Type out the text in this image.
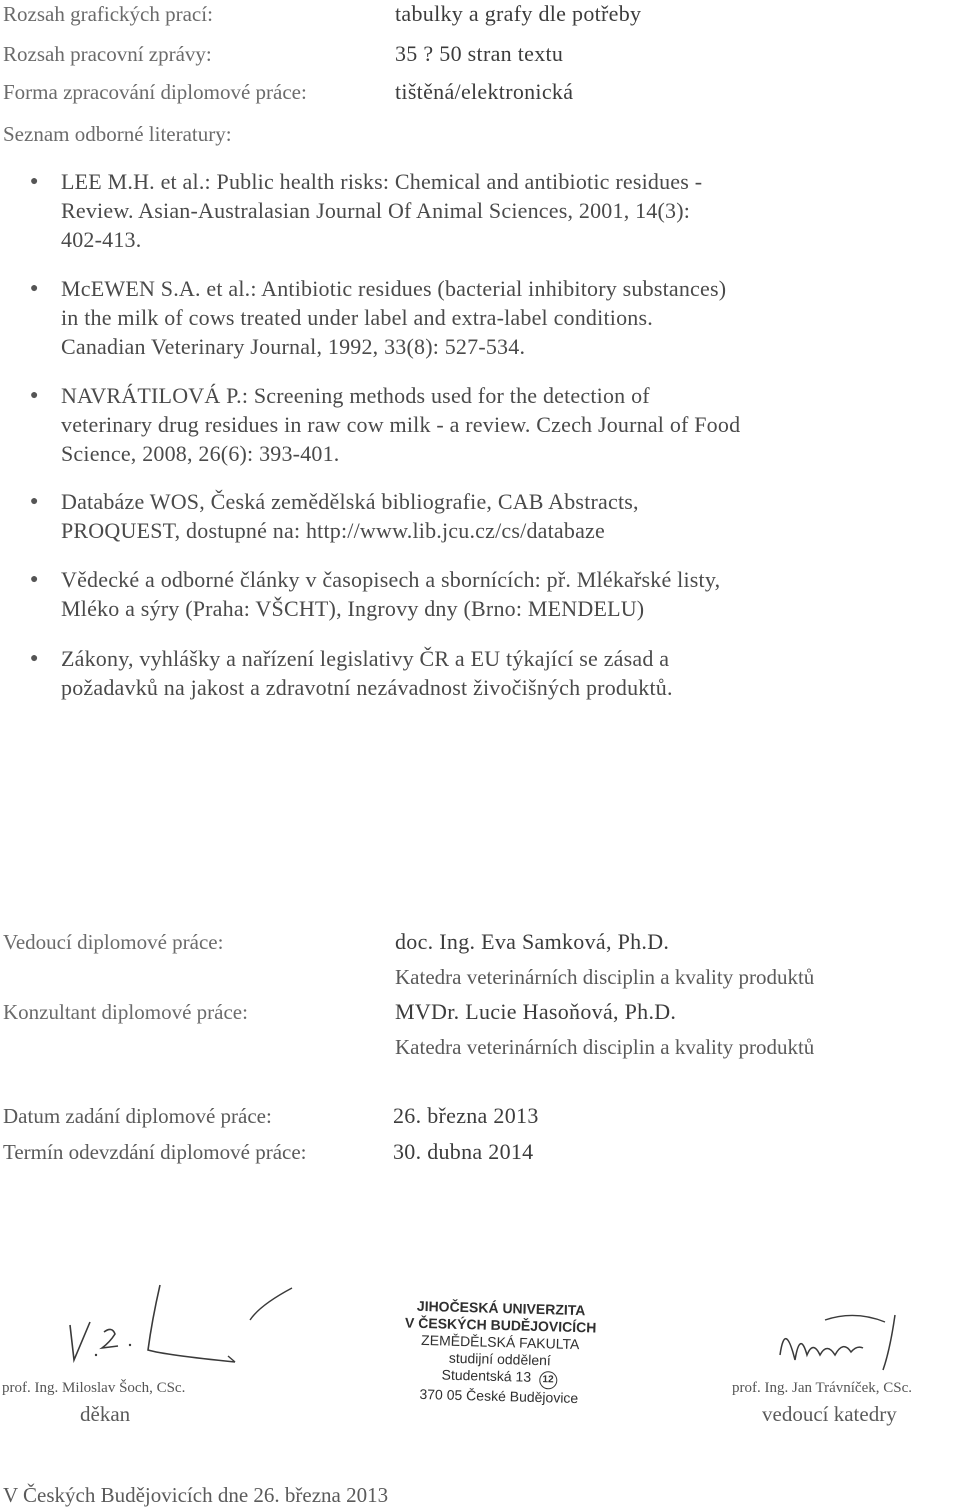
Rozsah grafických prací:	tabulky a grafy dle potřeby
Rozsah pracovní zprávy:	35 ? 50 stran textu
Forma zpracování diplomové práce:	tištěná/elektronická
Seznam odborné literatury:
●	LEE M.H. et al.: Public health risks: Chemical and antibiotic residues -
Review. Asian-Australasian Journal Of Animal Sciences, 2001, 14(3):
402-413.
●	McEWEN S.A. et al.: Antibiotic residues (bacterial inhibitory substances)
in the milk of cows treated under label and extra-label conditions.
Canadian Veterinary Journal, 1992, 33(8): 527-534.
●	NAVRÁTILOVÁ P.: Screening methods used for the detection of
veterinary drug residues in raw cow milk - a review. Czech Journal of Food
Science, 2008, 26(6): 393-401.
●	Databáze WOS, Česká zemědělská bibliografie, CAB Abstracts,
PROQUEST, dostupné na: http://www.lib.jcu.cz/cs/databaze
●	Vědecké a odborné články v časopisech a sbornících: př. Mlékařské listy,
Mléko a sýry (Praha: VŠCHT), Ingrovy dny (Brno: MENDELU)
●	Zákony, vyhlášky a nařízení legislativy ČR a EU týkající se zásad a
požadavků na jakost a zdravotní nezávadnost živočišných produktů.
Vedoucí diplomové práce:	doc. Ing. Eva Samková, Ph.D.
Katedra veterinárních disciplin a kvality produktů
Konzultant diplomové práce:	MVDr. Lucie Hasoňová, Ph.D.
Katedra veterinárních disciplin a kvality produktů
Datum zadání diplomové práce:	26. března 2013
Termín odevzdání diplomové práce:	30. dubna 2014
prof. Ing. Miloslav Šoch, CSc.
děkan
JIHOČESKÁ UNIVERZITA
V ČESKÝCH BUDĚJOVICÍCH
ZEMĚDĚLSKÁ FAKULTA
studijní oddělení
Studentská 13 12
370 05 České Budějovice	prof. Ing. Jan Trávníček, CSc.
vedoucí katedry
V Českých Budějovicích dne 26. března 2013
